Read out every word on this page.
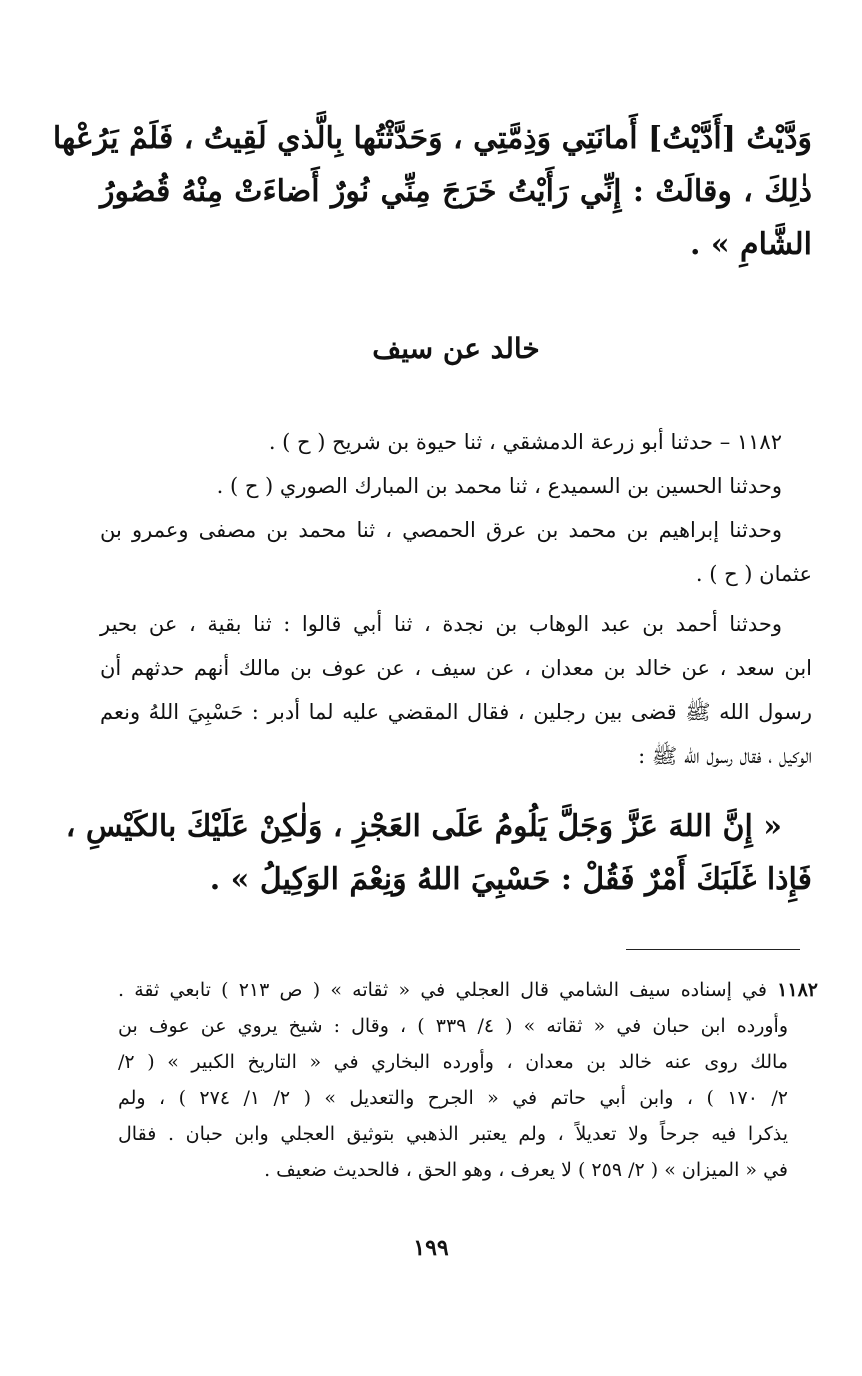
وَدَّيْتُ [أَدَّيْتُ] أَمانَتِي وَذِمَّتِي ، وَحَدَّثْتُها بِالَّذي لَقِيتُ ، فَلَمْ يَرُعْها
ذٰلِكَ ، وقالَتْ : إِنِّي رَأَيْتُ خَرَجَ مِنِّي نُورٌ أَضاءَتْ مِنْهُ قُصُورُ
الشَّامِ » .
خالد عن سيف
١١٨٢ – حدثنا أبو زرعة الدمشقي ، ثنا حيوة بن شريح ( ح ) .
وحدثنا الحسين بن السميدع ، ثنا محمد بن المبارك الصوري ( ح ) .
وحدثنا إبراهيم بن محمد بن عرق الحمصي ، ثنا محمد بن مصفى وعمرو بن
عثمان ( ح ) .
وحدثنا أحمد بن عبد الوهاب بن نجدة ، ثنا أبي قالوا : ثنا بقية ، عن بحير
ابن سعد ، عن خالد بن معدان ، عن سيف ، عن عوف بن مالك أنهم حدثهم أن
رسول الله ﷺ قضى بين رجلين ، فقال المقضي عليه لما أدبر : حَسْبِيَ اللهُ ونعم
الوكيل ، فقال رسول الله ﷺ :
« إِنَّ اللهَ عَزَّ وَجَلَّ يَلُومُ عَلَى العَجْزِ ، وَلٰكِنْ عَلَيْكَ بالكَيْسِ ،
فَإِذا غَلَبَكَ أَمْرٌ فَقُلْ : حَسْبِيَ اللهُ وَنِعْمَ الوَكِيلُ » .
١١٨٢ في إسناده سيف الشامي قال العجلي في « ثقاته » ( ص ٢١٣ ) تابعي ثقة .
وأورده ابن حبان في « ثقاته » ( ٤/ ٣٣٩ ) ، وقال : شيخ يروي عن عوف بن
مالك روى عنه خالد بن معدان ، وأورده البخاري في « التاريخ الكبير » ( ٢/
٢/ ١٧٠ ) ، وابن أبي حاتم في « الجرح والتعديل » ( ٢/ ١/ ٢٧٤ ) ، ولم
يذكرا فيه جرحاً ولا تعديلاً ، ولم يعتبر الذهبي بتوثيق العجلي وابن حبان . فقال
في « الميزان » ( ٢/ ٢٥٩ ) لا يعرف ، وهو الحق ، فالحديث ضعيف .
١٩٩
